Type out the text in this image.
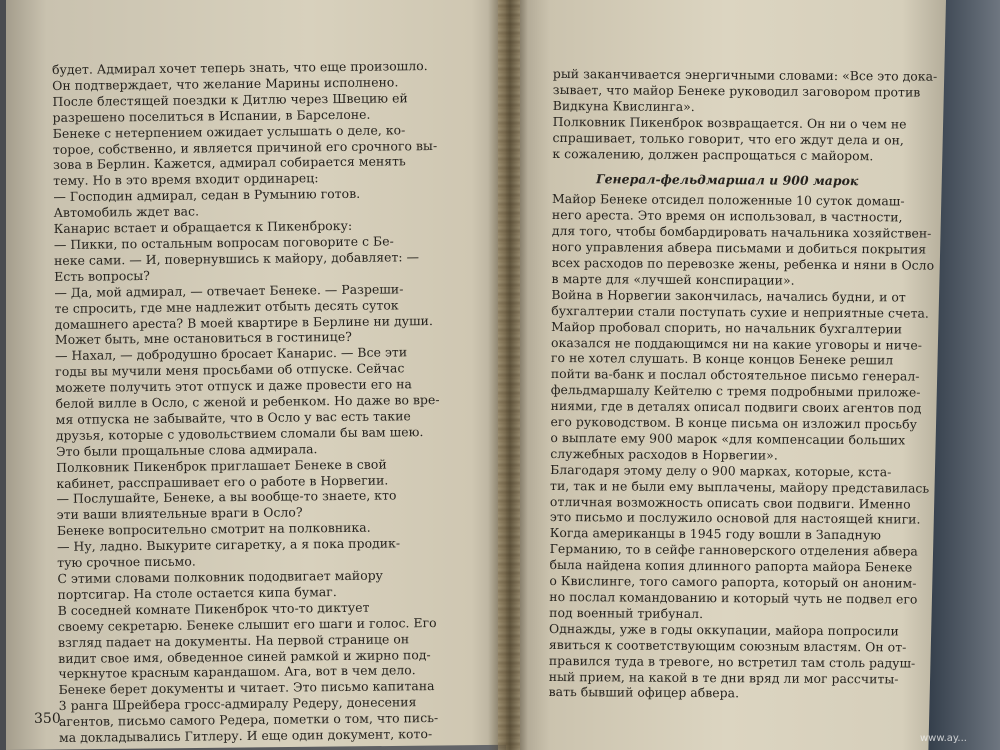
будет. Адмирал хочет теперь знать, что еще произошло.

Он подтверждает, что желание Марины исполнено.

После блестящей поездки к Дитлю через Швецию ей

разрешено поселиться в Испании, в Барселоне.

Бенеке с нетерпением ожидает услышать о деле, ко-

торое, собственно, и является причиной его срочного вы-

зова в Берлин. Кажется, адмирал собирается менять

тему. Но в это время входит ординарец:

— Господин адмирал, седан в Румынию готов.

Автомобиль ждет вас.

Канарис встает и обращается к Пикенброку:

— Пикки, по остальным вопросам поговорите с Бе-

неке сами. — И, повернувшись к майору, добавляет: —

Есть вопросы?

— Да, мой адмирал, — отвечает Бенеке. — Разреши-

те спросить, где мне надлежит отбыть десять суток

домашнего ареста? В моей квартире в Берлине ни души.

Может быть, мне остановиться в гостинице?

— Нахал, — добродушно бросает Канарис. — Все эти

годы вы мучили меня просьбами об отпуске. Сейчас

можете получить этот отпуск и даже провести его на

белой вилле в Осло, с женой и ребенком. Но даже во вре-

мя отпуска не забывайте, что в Осло у вас есть такие

друзья, которые с удовольствием сломали бы вам шею.

Это были прощальные слова адмирала.

Полковник Пикенброк приглашает Бенеке в свой

кабинет, расспрашивает его о работе в Норвегии.

— Послушайте, Бенеке, а вы вообще-то знаете, кто

эти ваши влиятельные враги в Осло?

Бенеке вопросительно смотрит на полковника.

— Ну, ладно. Выкурите сигаретку, а я пока продик-

тую срочное письмо.

С этими словами полковник пододвигает майору

портсигар. На столе остается кипа бумаг.

В соседней комнате Пикенброк что-то диктует

своему секретарю. Бенеке слышит его шаги и голос. Его

взгляд падает на документы. На первой странице он

видит свое имя, обведенное синей рамкой и жирно под-

черкнутое красным карандашом. Ага, вот в чем дело.

Бенеке берет документы и читает. Это письмо капитана

3 ранга Шрейбера гросс-адмиралу Редеру, донесения

агентов, письмо самого Редера, пометки о том, что пись-

ма докладывались Гитлеру. И еще один документ, кото-

350

рый заканчивается энергичными словами: «Все это дока-

зывает, что майор Бенеке руководил заговором против

Видкуна Квислинга».

Полковник Пикенброк возвращается. Он ни о чем не

спрашивает, только говорит, что его ждут дела и он,

к сожалению, должен распрощаться с майором.

Генерал-фельдмаршал и 900 марок

Майор Бенеке отсидел положенные 10 суток домаш-

него ареста. Это время он использовал, в частности,

для того, чтобы бомбардировать начальника хозяйствен-

ного управления абвера письмами и добиться покрытия

всех расходов по перевозке жены, ребенка и няни в Осло

в марте для «лучшей конспирации».

Война в Норвегии закончилась, начались будни, и от

бухгалтерии стали поступать сухие и неприятные счета.

Майор пробовал спорить, но начальник бухгалтерии

оказался не поддающимся ни на какие уговоры и ниче-

го не хотел слушать. В конце концов Бенеке решил

пойти ва-банк и послал обстоятельное письмо генерал-

фельдмаршалу Кейтелю с тремя подробными приложе-

ниями, где в деталях описал подвиги своих агентов под

его руководством. В конце письма он изложил просьбу

о выплате ему 900 марок «для компенсации больших

служебных расходов в Норвегии».

Благодаря этому делу о 900 марках, которые, кста-

ти, так и не были ему выплачены, майору представилась

отличная возможность описать свои подвиги. Именно

это письмо и послужило основой для настоящей книги.

Когда американцы в 1945 году вошли в Западную

Германию, то в сейфе ганноверского отделения абвера

была найдена копия длинного рапорта майора Бенеке

о Квислинге, того самого рапорта, который он аноним-

но послал командованию и который чуть не подвел его

под военный трибунал.

Однажды, уже в годы оккупации, майора попросили

явиться к соответствующим союзным властям. Он от-

правился туда в тревоге, но встретил там столь радуш-

ный прием, на какой в те дни вряд ли мог рассчиты-

вать бывший офицер абвера.

www.ay...
